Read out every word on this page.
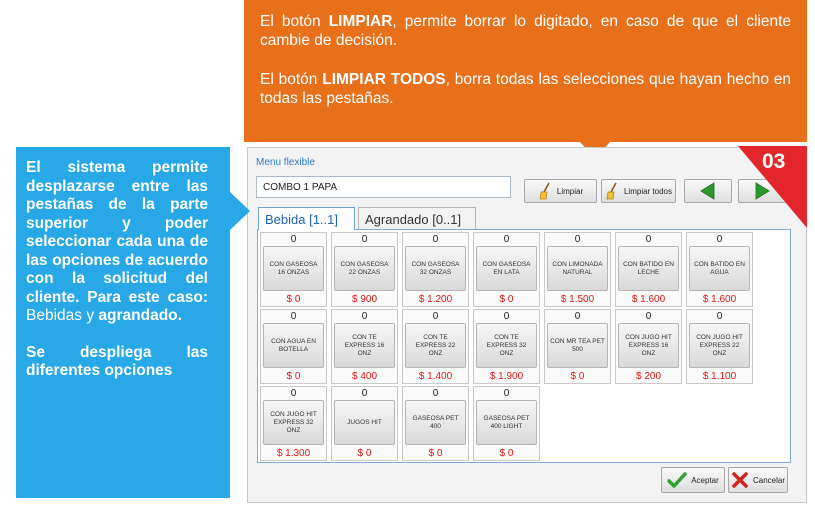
El botón LIMPIAR, permite borrar lo digitado, en caso de que el cliente cambie de decisión.

El botón LIMPIAR TODOS, borra todas las selecciones que hayan hecho en todas las pestañas.

Menu flexible
COMBO 1 PAPA	Limpiar	Limpiar todos
Bebida [1..1]	Agrandado [0..1]
0
CON GASEOSA 16 ONZAS
$ 0
0
CON GASEOSA 22 ONZAS
$ 900
0
CON GASEOSA 32 ONZAS
$ 1.200
0
CON GASEOSA EN LATA
$ 0
0
CON LIMONADA NATURAL
$ 1.500
0
CON BATIDO EN LECHE
$ 1.600
0
CON BATIDO EN AGUA
$ 1.600
0
CON AGUA EN BOTELLA
$ 0
0
CON TE EXPRESS 16 ONZ
$ 400
0
CON TE EXPRESS 22 ONZ
$ 1.400
0
CON TE EXPRESS 32 ONZ
$ 1.900
0
CON MR TEA PET 500
$ 0
0
CON JUGO HIT EXPRESS 16 ONZ
$ 200
0
CON JUGO HIT EXPRESS 22 ONZ
$ 1.100
0
CON JUGO HIT EXPRESS 32 ONZ
$ 1.300
0
JUGOS HIT
$ 0
0
GASEOSA PET 400
$ 0
0
GASEOSA PET 400 LIGHT
$ 0
Aceptar	Cancelar
03

El sistema permite desplazarse entre las pestañas de la parte superior y poder seleccionar cada una de las opciones de acuerdo con la solicitud del cliente. Para este caso: Bebidas y agrandado.

Se despliega las diferentes opciones
